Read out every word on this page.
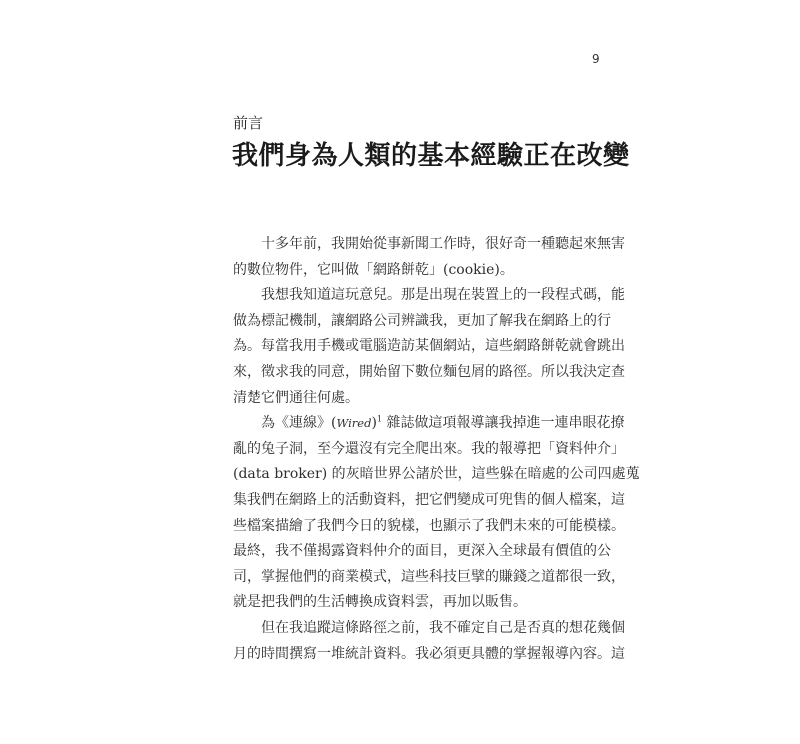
9
前言
我們身為人類的基本經驗正在改變
十多年前，我開始從事新聞工作時，很好奇一種聽起來無害
的數位物件，它叫做「網路餅乾」(cookie)。
我想我知道這玩意兒。那是出現在裝置上的一段程式碼，能
做為標記機制，讓網路公司辨識我，更加了解我在網路上的行
為。每當我用手機或電腦造訪某個網站，這些網路餅乾就會跳出
來，徵求我的同意，開始留下數位麵包屑的路徑。所以我決定查
清楚它們通往何處。
為《連線》(Wired)$^1$ 雜誌做這項報導讓我掉進一連串眼花撩
亂的兔子洞，至今還沒有完全爬出來。我的報導把「資料仲介」
(data broker) 的灰暗世界公諸於世，這些躲在暗處的公司四處蒐
集我們在網路上的活動資料，把它們變成可兜售的個人檔案，這
些檔案描繪了我們今日的貌樣，也顯示了我們未來的可能模樣。
最終，我不僅揭露資料仲介的面目，更深入全球最有價值的公
司，掌握他們的商業模式，這些科技巨擘的賺錢之道都很一致，
就是把我們的生活轉換成資料雲，再加以販售。
但在我追蹤這條路徑之前，我不確定自己是否真的想花幾個
月的時間撰寫一堆統計資料。我必須更具體的掌握報導內容。這
